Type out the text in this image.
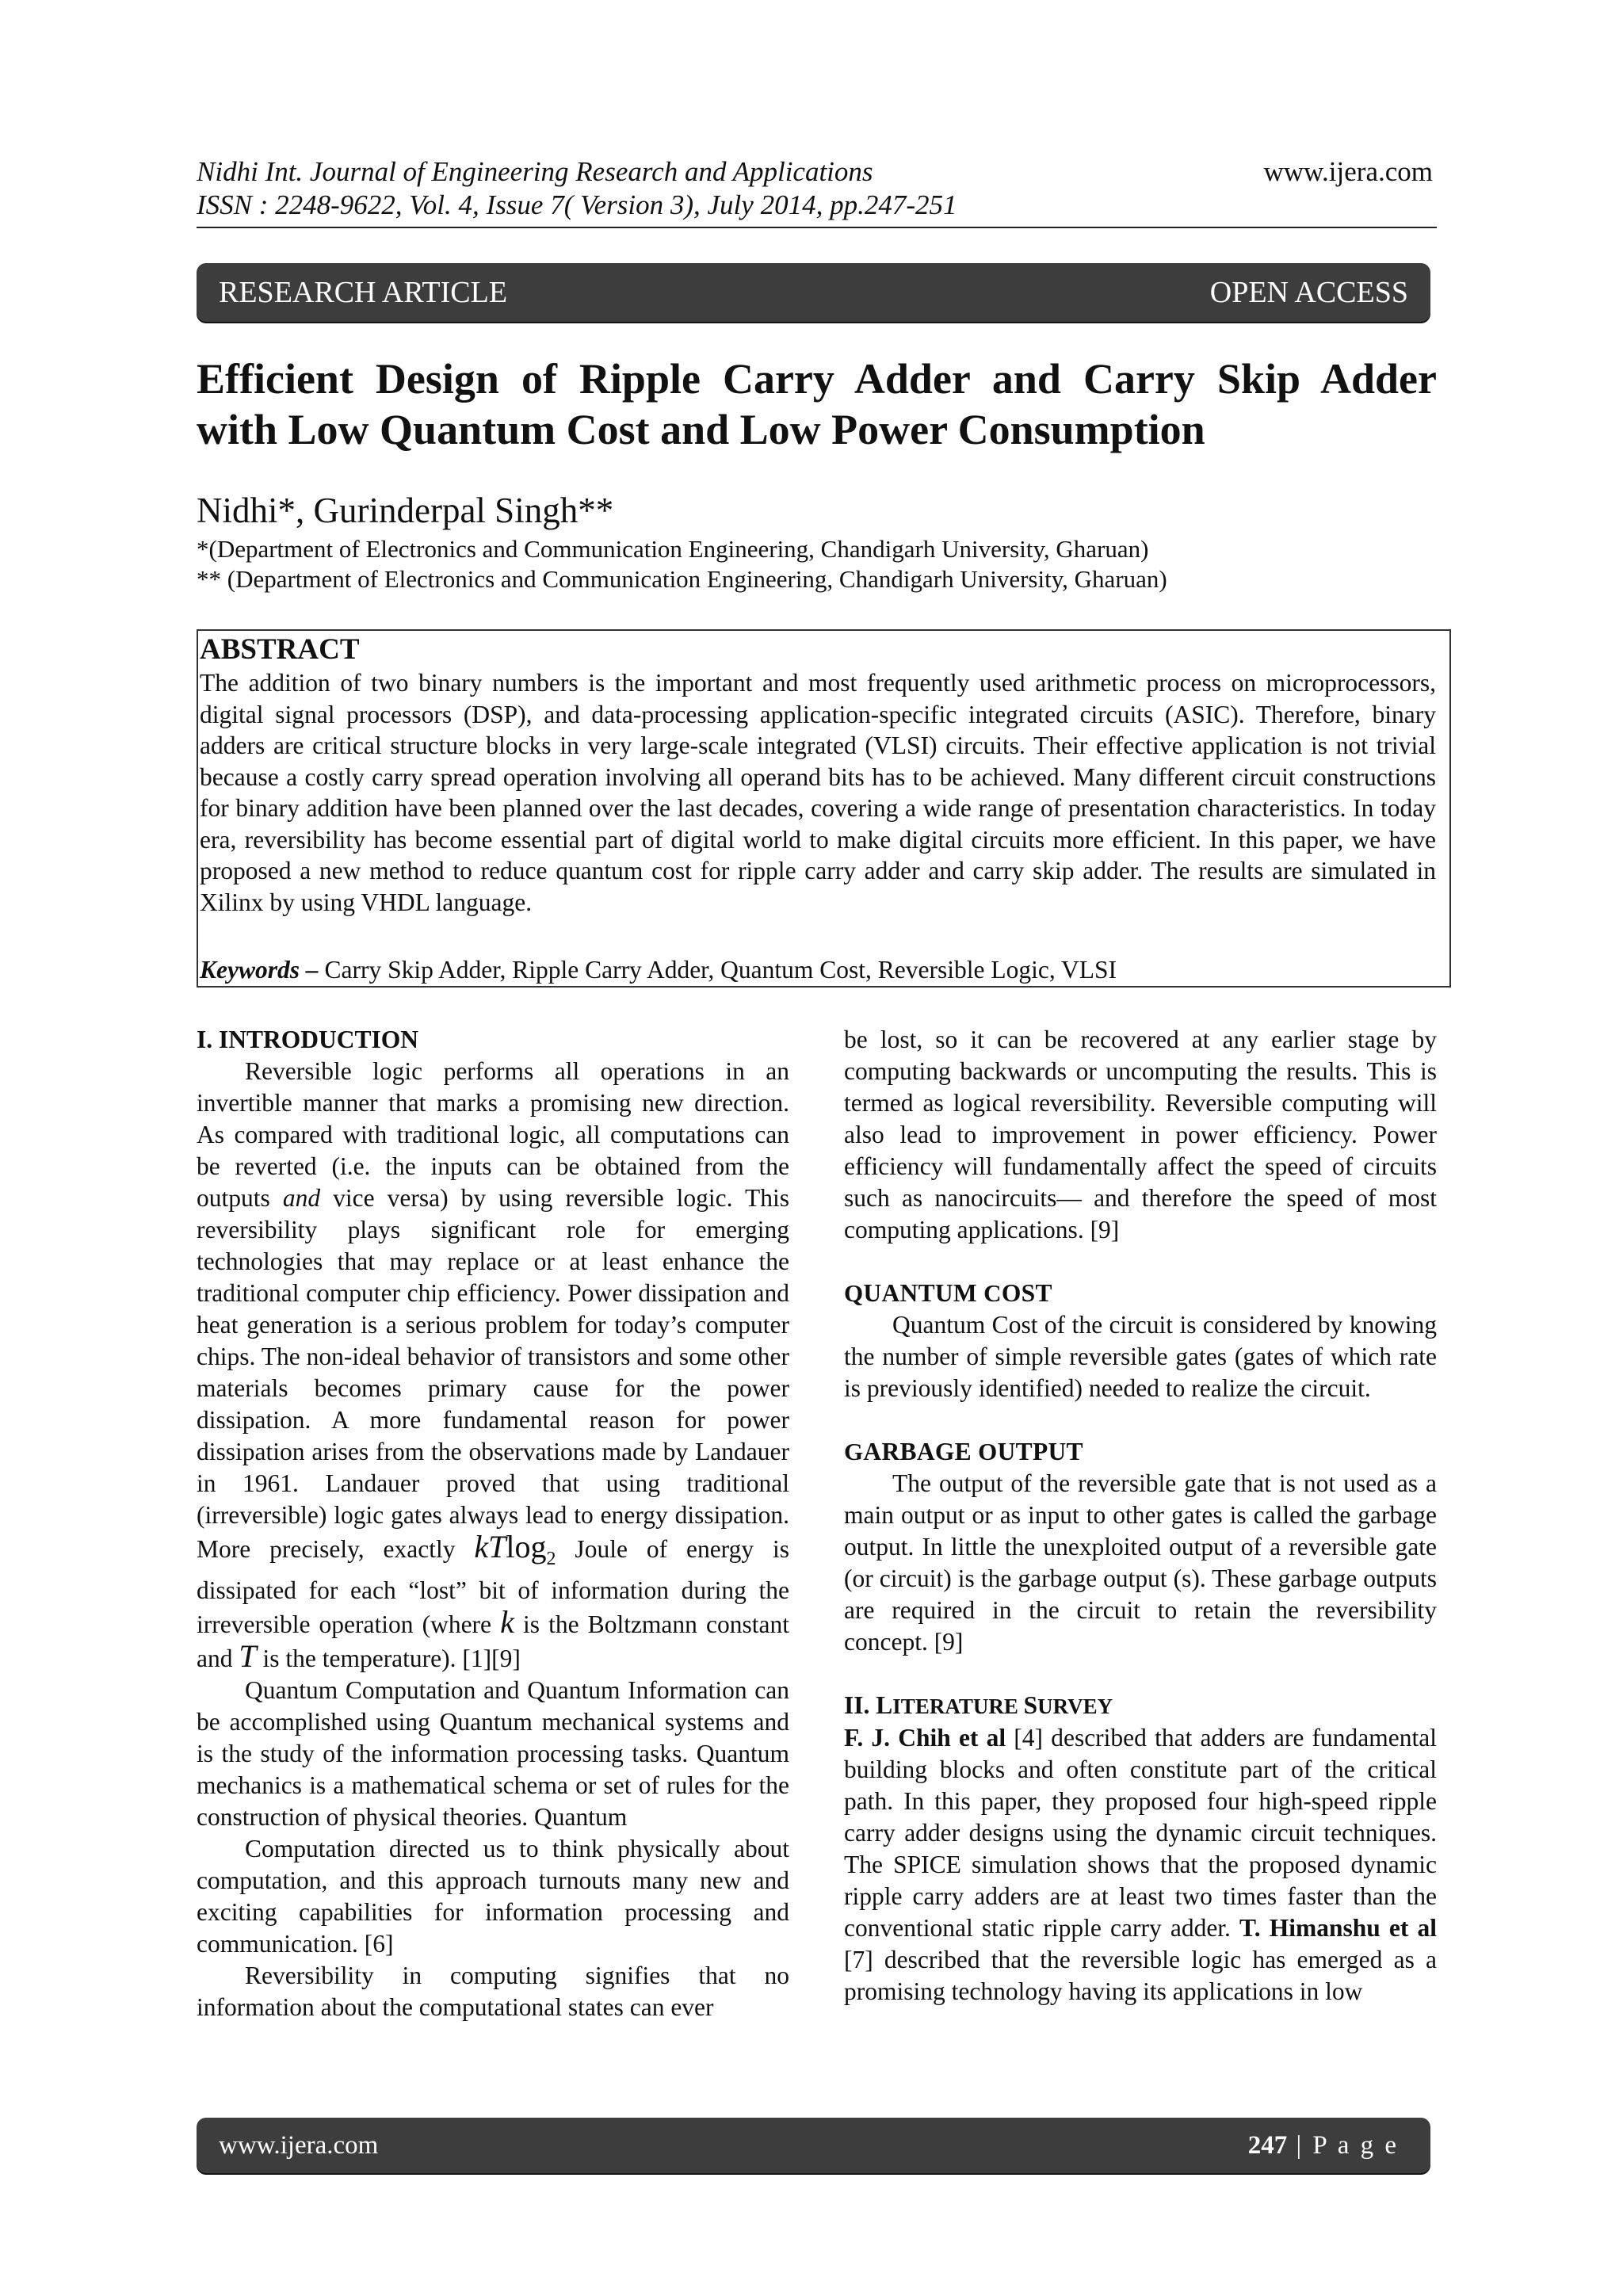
Nidhi Int. Journal of Engineering Research and Applications
ISSN : 2248-9622, Vol. 4, Issue 7( Version 3), July 2014, pp.247-251
www.ijera.com
RESEARCH ARTICLE	OPEN ACCESS
Efficient Design of Ripple Carry Adder and Carry Skip Adder
with Low Quantum Cost and Low Power Consumption
Nidhi*, Gurinderpal Singh**
*(Department of Electronics and Communication Engineering, Chandigarh University, Gharuan)
** (Department of Electronics and Communication Engineering, Chandigarh University, Gharuan)
ABSTRACT
The addition of two binary numbers is the important and most frequently used arithmetic process on microprocessors, digital signal processors (DSP), and data-processing application-specific integrated circuits (ASIC). Therefore, binary adders are critical structure blocks in very large-scale integrated (VLSI) circuits. Their effective application is not trivial because a costly carry spread operation involving all operand bits has to be achieved. Many different circuit constructions for binary addition have been planned over the last decades, covering a wide range of presentation characteristics. In today era, reversibility has become essential part of digital world to make digital circuits more efficient. In this paper, we have proposed a new method to reduce quantum cost for ripple carry adder and carry skip adder. The results are simulated in Xilinx by using VHDL language.
Keywords – Carry Skip Adder, Ripple Carry Adder, Quantum Cost, Reversible Logic, VLSI

I. INTRODUCTION

Reversible logic performs all operations in an invertible manner that marks a promising new direction. As compared with traditional logic, all computations can be reverted (i.e. the inputs can be obtained from the outputs and vice versa) by using reversible logic. This reversibility plays significant role for emerging technologies that may replace or at least enhance the traditional computer chip efficiency. Power dissipation and heat generation is a serious problem for today’s computer chips. The non-ideal behavior of transistors and some other materials becomes primary cause for the power dissipation. A more fundamental reason for power dissipation arises from the observations made by Landauer in 1961. Landauer proved that using traditional (irreversible) logic gates always lead to energy dissipation. More precisely, exactly kTlog$_2$ Joule of energy is dissipated for each “lost” bit of information during the irreversible operation (where k is the Boltzmann constant and T is the temperature). [1][9]

Quantum Computation and Quantum Information can be accomplished using Quantum mechanical systems and is the study of the information processing tasks. Quantum mechanics is a mathematical schema or set of rules for the construction of physical theories. Quantum

Computation directed us to think physically about computation, and this approach turnouts many new and exciting capabilities for information processing and communication. [6]

Reversibility in computing signifies that no information about the computational states can ever

be lost, so it can be recovered at any earlier stage by computing backwards or uncomputing the results. This is termed as logical reversibility. Reversible computing will also lead to improvement in power efficiency. Power efficiency will fundamentally affect the speed of circuits such as nanocircuits— and therefore the speed of most computing applications. [9]

QUANTUM COST

Quantum Cost of the circuit is considered by knowing the number of simple reversible gates (gates of which rate is previously identified) needed to realize the circuit.

GARBAGE OUTPUT

The output of the reversible gate that is not used as a main output or as input to other gates is called the garbage output. In little the unexploited output of a reversible gate (or circuit) is the garbage output (s). These garbage outputs are required in the circuit to retain the reversibility concept. [9]

II. LITERATURE SURVEY

F. J. Chih et al [4] described that adders are fundamental building blocks and often constitute part of the critical path. In this paper, they proposed four high-speed ripple carry adder designs using the dynamic circuit techniques. The SPICE simulation shows that the proposed dynamic ripple carry adders are at least two times faster than the conventional static ripple carry adder. T. Himanshu et al [7] described that the reversible logic has emerged as a promising technology having its applications in low

www.ijera.com	247 | P a g e
